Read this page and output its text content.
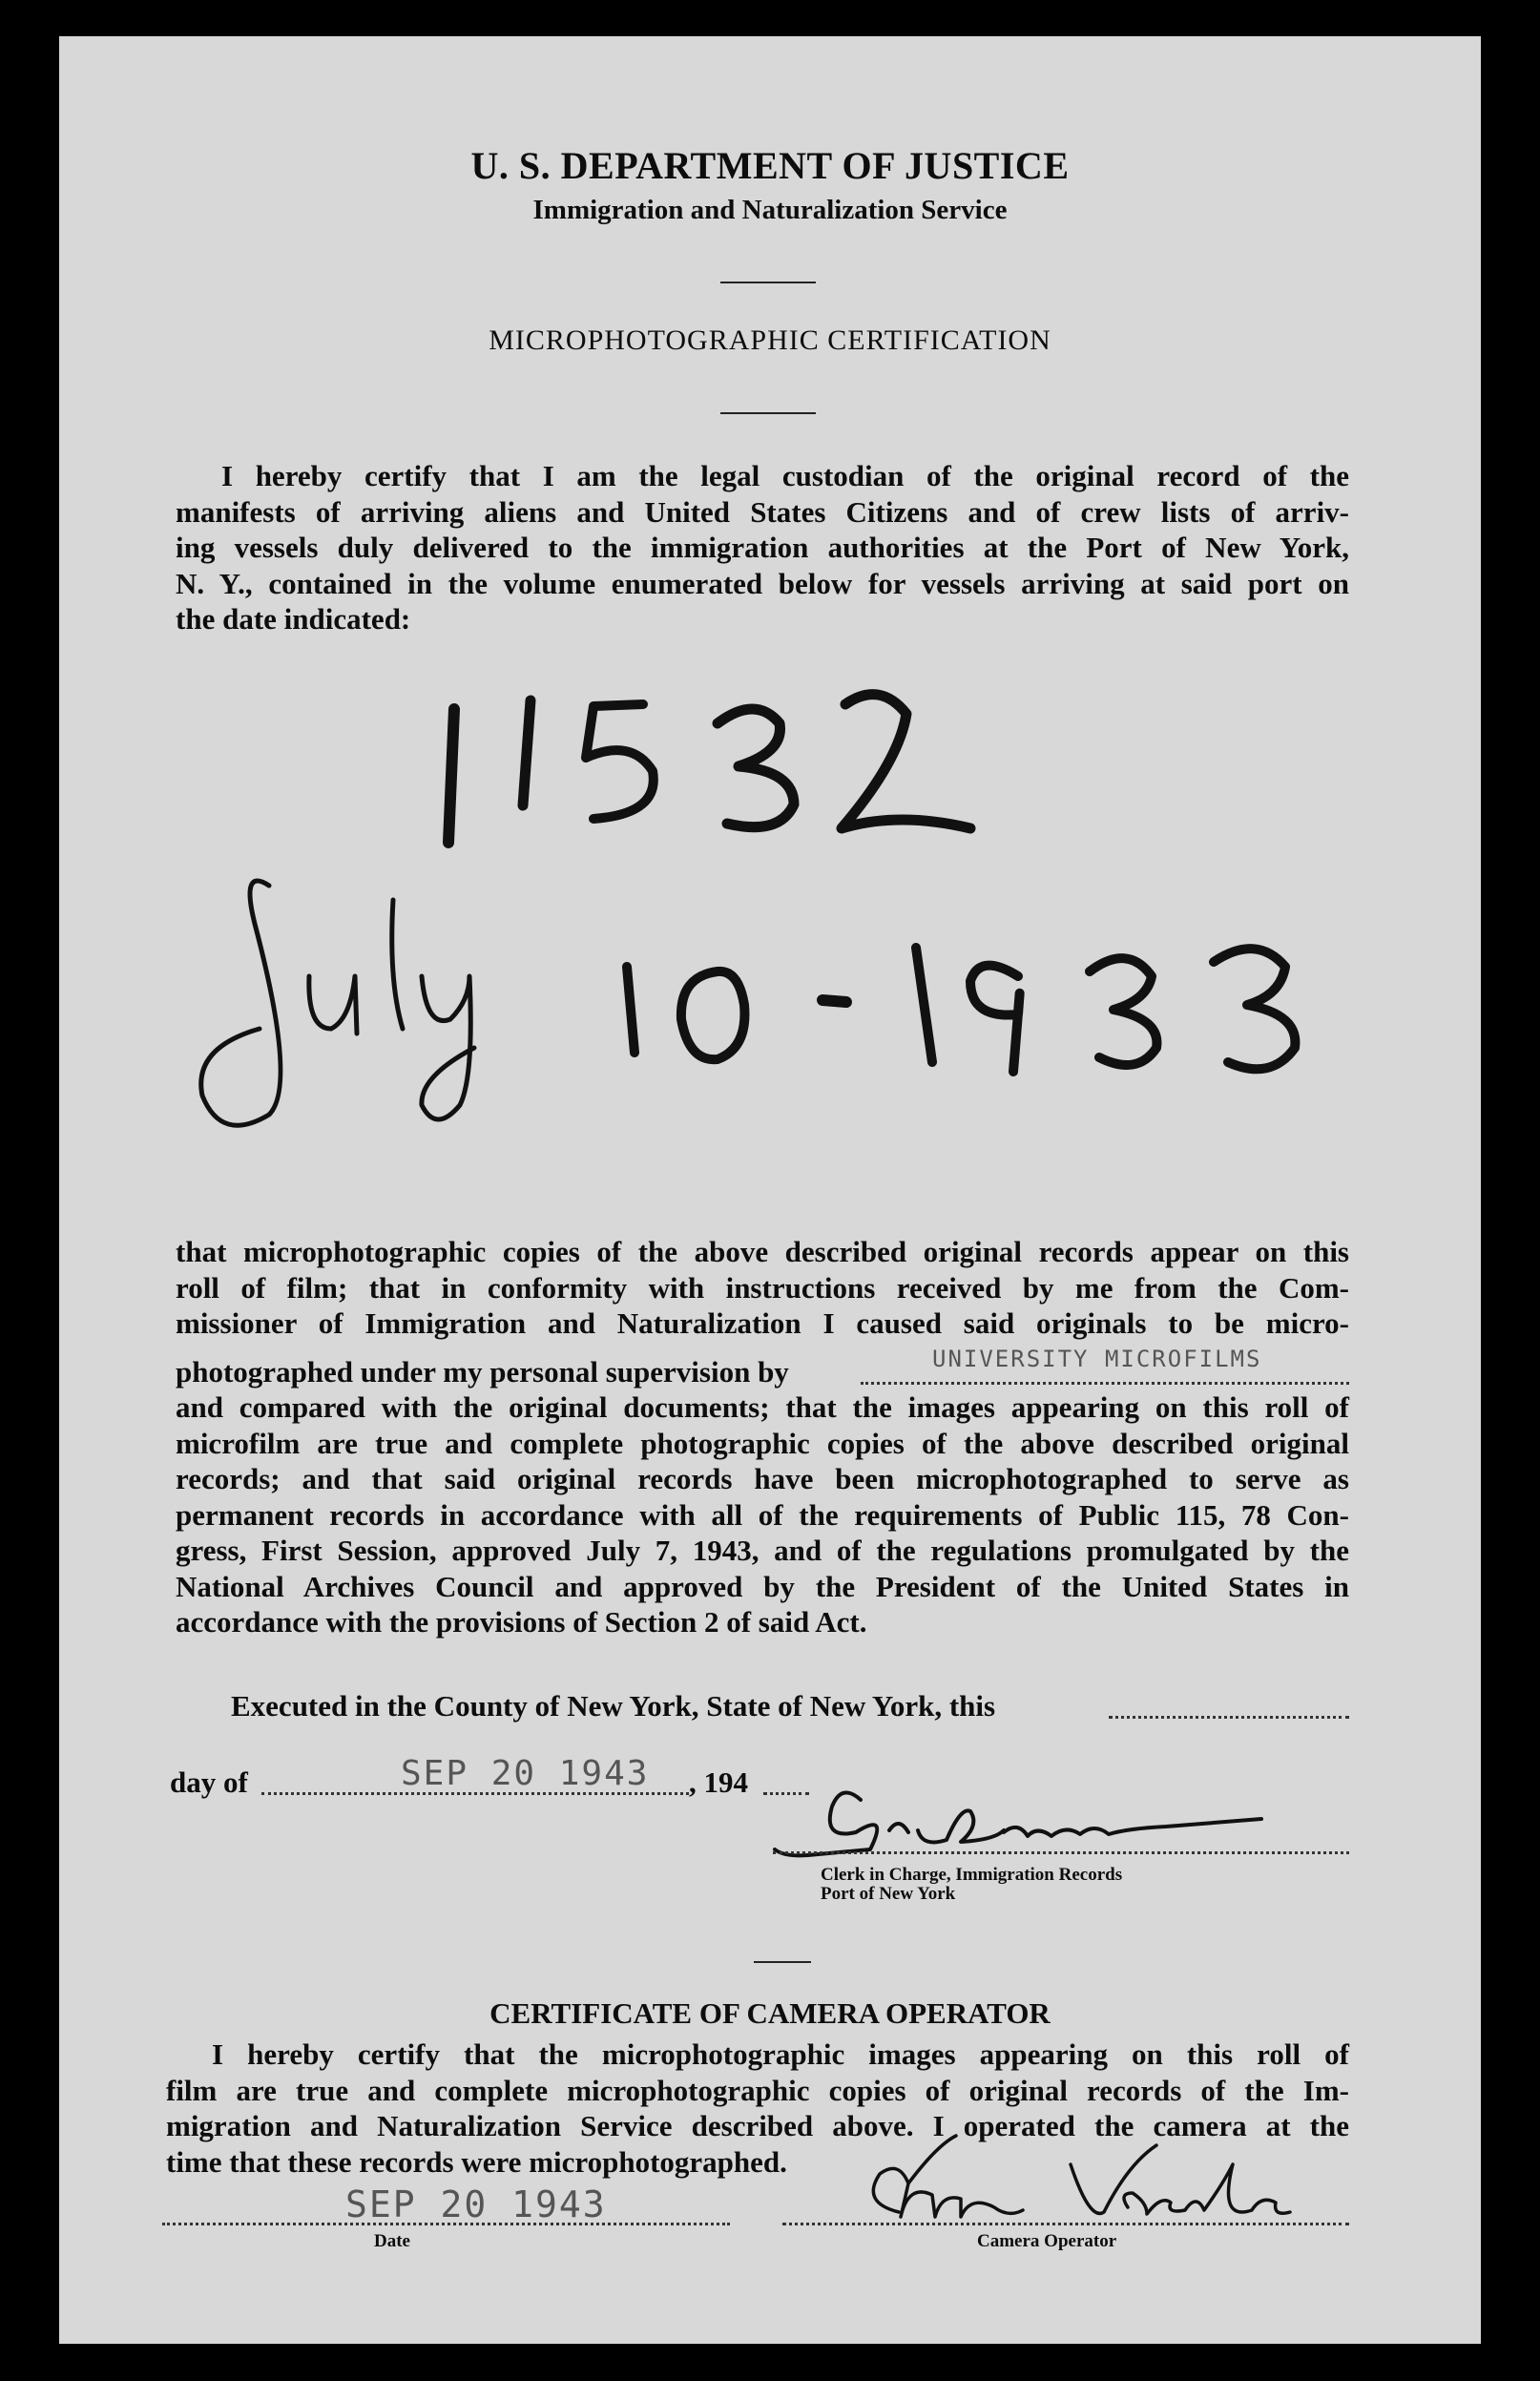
U. S. DEPARTMENT OF JUSTICE
Immigration and Naturalization Service
MICROPHOTOGRAPHIC CERTIFICATION
I hereby certify that I am the legal custodian of the original record of the
manifests of arriving aliens and United States Citizens and of crew lists of arriv-
ing vessels duly delivered to the immigration authorities at the Port of New York,
N. Y., contained in the volume enumerated below for vessels arriving at said port on
the date indicated:
that microphotographic copies of the above described original records appear on this
roll of film; that in conformity with instructions received by me from the Com-
missioner of Immigration and Naturalization I caused said originals to be micro-
photographed under my personal supervision by	UNIVERSITY MICROFILMS
and compared with the original documents; that the images appearing on this roll of
microfilm are true and complete photographic copies of the above described original
records; and that said original records have been microphotographed to serve as
permanent records in accordance with all of the requirements of Public 115, 78 Con-
gress, First Session, approved July 7, 1943, and of the regulations promulgated by the
National Archives Council and approved by the President of the United States in
accordance with the provisions of Section 2 of said Act.
Executed in the County of New York, State of New York, this
day of	SEP 20 1943 , 194
Clerk in Charge, Immigration Records
Port of New York
CERTIFICATE OF CAMERA OPERATOR
I hereby certify that the microphotographic images appearing on this roll of
film are true and complete microphotographic copies of original records of the Im-
migration and Naturalization Service described above. I operated the camera at the
time that these records were microphotographed.
SEP 20 1943
Date	Camera Operator
